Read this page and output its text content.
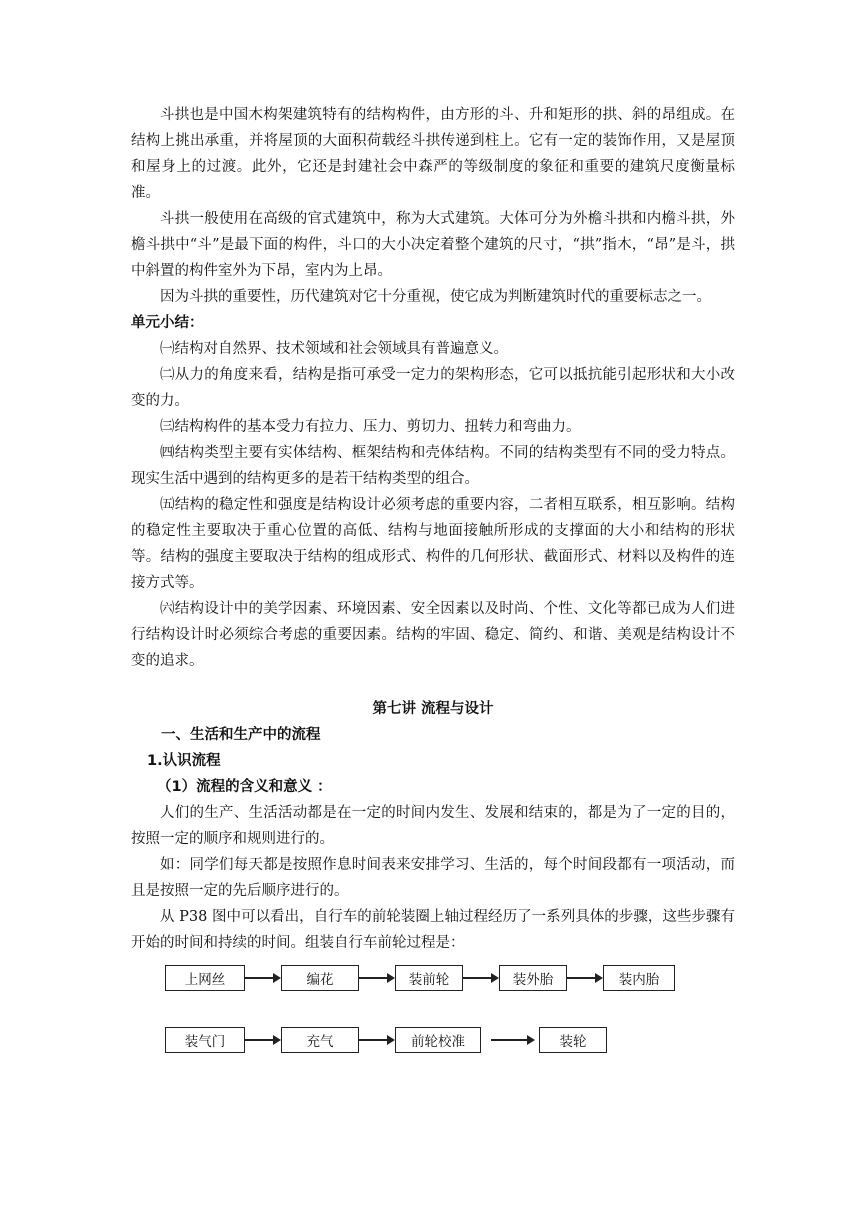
斗拱也是中国木构架建筑特有的结构构件，由方形的斗、升和矩形的拱、斜的昂组成。在结构上挑出承重，并将屋顶的大面积荷载经斗拱传递到柱上。它有一定的装饰作用，又是屋顶和屋身上的过渡。此外，它还是封建社会中森严的等级制度的象征和重要的建筑尺度衡量标准。

斗拱一般使用在高级的官式建筑中，称为大式建筑。大体可分为外檐斗拱和内檐斗拱，外檐斗拱中“斗”是最下面的构件，斗口的大小决定着整个建筑的尺寸，“拱”指木，“昂”是斗，拱中斜置的构件室外为下昂，室内为上昂。

因为斗拱的重要性，历代建筑对它十分重视，使它成为判断建筑时代的重要标志之一。

单元小结：

㈠结构对自然界、技术领域和社会领域具有普遍意义。

㈡从力的角度来看，结构是指可承受一定力的架构形态，它可以抵抗能引起形状和大小改变的力。

㈢结构构件的基本受力有拉力、压力、剪切力、扭转力和弯曲力。

㈣结构类型主要有实体结构、框架结构和壳体结构。不同的结构类型有不同的受力特点。现实生活中遇到的结构更多的是若干结构类型的组合。

㈤结构的稳定性和强度是结构设计必须考虑的重要内容，二者相互联系，相互影响。结构的稳定性主要取决于重心位置的高低、结构与地面接触所形成的支撑面的大小和结构的形状等。结构的强度主要取决于结构的组成形式、构件的几何形状、截面形式、材料以及构件的连接方式等。

㈥结构设计中的美学因素、环境因素、安全因素以及时尚、个性、文化等都已成为人们进行结构设计时必须综合考虑的重要因素。结构的牢固、稳定、简约、和谐、美观是结构设计不变的追求。

第七讲 流程与设计

一、生活和生产中的流程

1.认识流程

（1）流程的含义和意义 ：

人们的生产、生活活动都是在一定的时间内发生、发展和结束的，都是为了一定的目的，按照一定的顺序和规则进行的。

如：同学们每天都是按照作息时间表来安排学习、生活的，每个时间段都有一项活动，而且是按照一定的先后顺序进行的。

从 P38 图中可以看出，自行车的前轮装圈上轴过程经历了一系列具体的步骤，这些步骤有开始的时间和持续的时间。组装自行车前轮过程是：

上网丝	编花	装前轮	装外胎	装内胎
装气门	充气	前轮校准	装轮
